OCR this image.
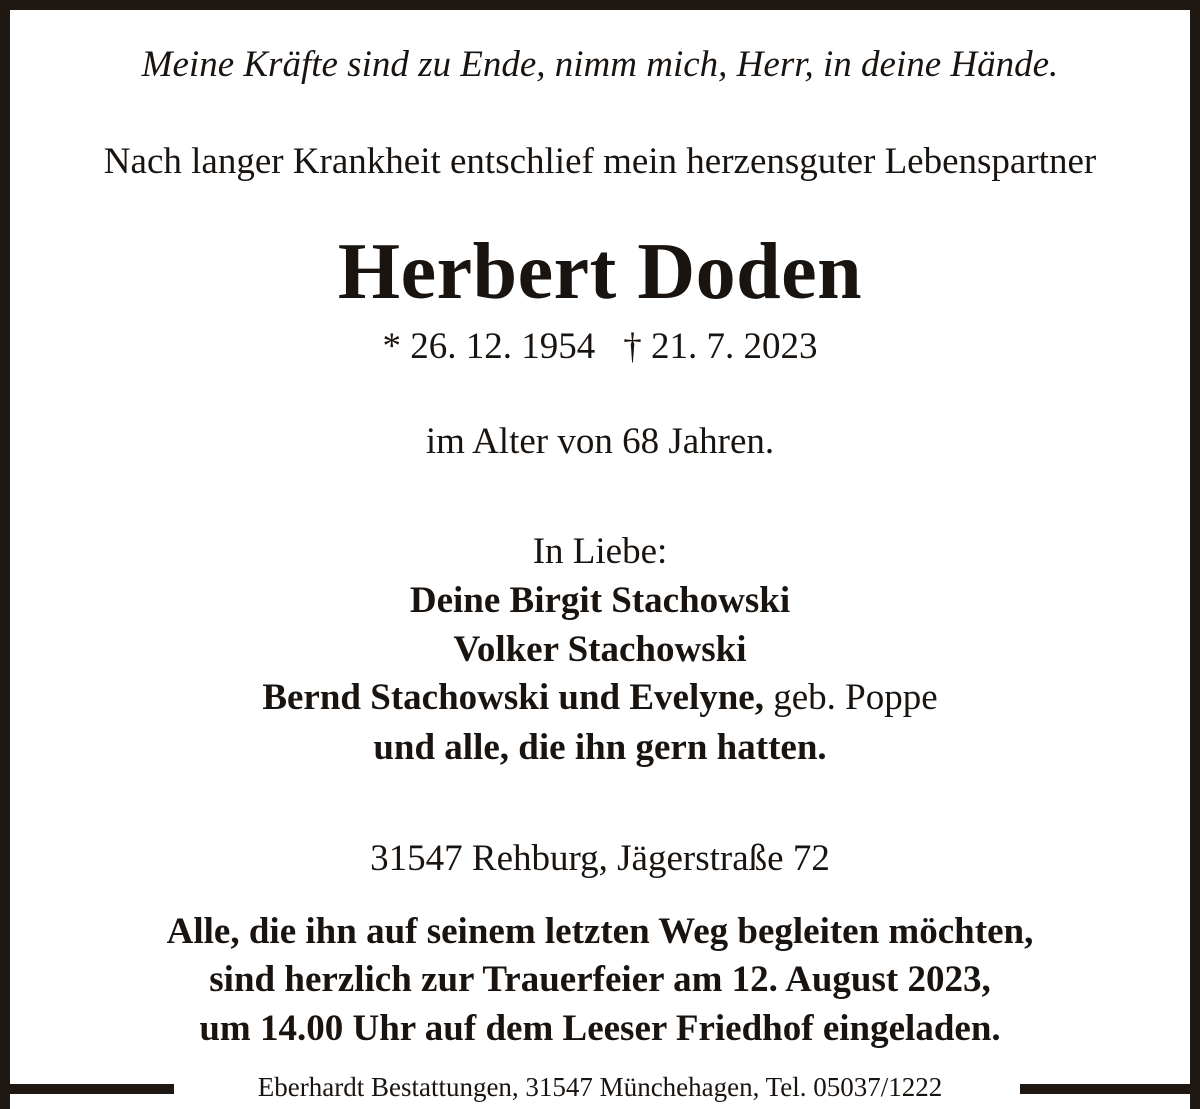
Meine Kräfte sind zu Ende, nimm mich, Herr, in deine Hände.
Nach langer Krankheit entschlief mein herzensguter Lebenspartner
Herbert Doden
* 26. 12. 1954 † 21. 7. 2023
im Alter von 68 Jahren.
In Liebe:
Deine Birgit Stachowski
Volker Stachowski
Bernd Stachowski und Evelyne, geb. Poppe
und alle, die ihn gern hatten.
31547 Rehburg, Jägerstraße 72
Alle, die ihn auf seinem letzten Weg begleiten möchten,
sind herzlich zur Trauerfeier am 12. August 2023,
um 14.00 Uhr auf dem Leeser Friedhof eingeladen.
Eberhardt Bestattungen, 31547 Münchehagen, Tel. 05037/1222
